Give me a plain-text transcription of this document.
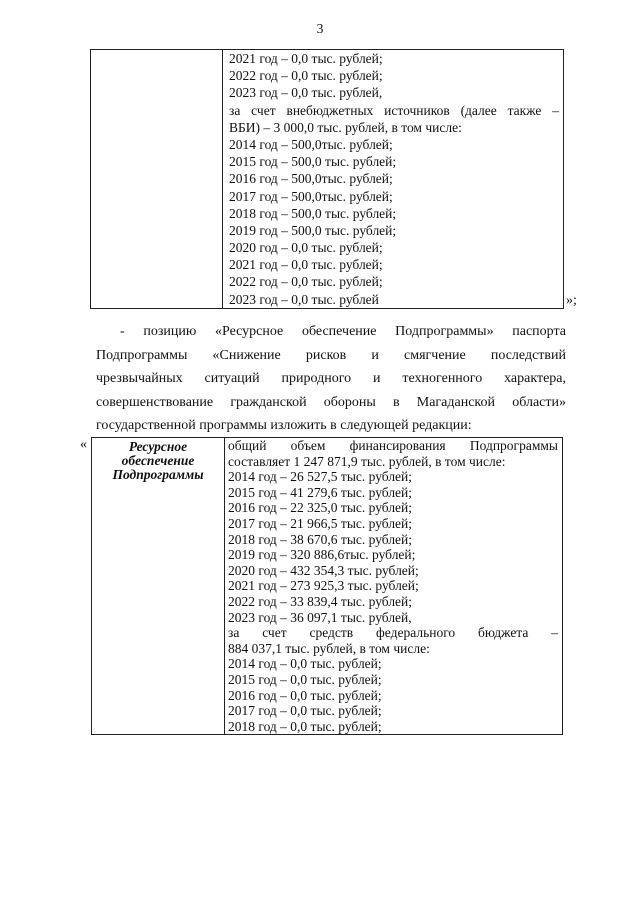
3

2021 год – 0,0 тыс. рублей;
2022 год – 0,0 тыс. рублей;
2023 год – 0,0 тыс. рублей,
за счет внебюджетных источников (далее также –
ВБИ) – 3 000,0 тыс. рублей, в том числе:
2014 год – 500,0тыс. рублей;
2015 год – 500,0 тыс. рублей;
2016 год – 500,0тыс. рублей;
2017 год – 500,0тыс. рублей;
2018 год – 500,0 тыс. рублей;
2019 год – 500,0 тыс. рублей;
2020 год – 0,0 тыс. рублей;
2021 год – 0,0 тыс. рублей;
2022 год – 0,0 тыс. рублей;
2023 год – 0,0 тыс. рублей	»;
- позицию «Ресурсное обеспечение Подпрограммы» паспорта
Подпрограммы «Снижение рисков и смягчение последствий
чрезвычайных ситуаций природного и техногенного характера,
совершенствование гражданской обороны в Магаданской области»
государственной программы изложить в следующей редакции:
«	Ресурсное
обеспечение
Подпрограммы

общий объем финансирования Подпрограммы
составляет 1 247 871,9 тыс. рублей, в том числе:
2014 год – 26 527,5 тыс. рублей;
2015 год – 41 279,6 тыс. рублей;
2016 год – 22 325,0 тыс. рублей;
2017 год – 21 966,5 тыс. рублей;
2018 год – 38 670,6 тыс. рублей;
2019 год – 320 886,6тыс. рублей;
2020 год – 432 354,3 тыс. рублей;
2021 год – 273 925,3 тыс. рублей;
2022 год – 33 839,4 тыс. рублей;
2023 год – 36 097,1 тыс. рублей,
за счет средств федерального бюджета –
884 037,1 тыс. рублей, в том числе:
2014 год – 0,0 тыс. рублей;
2015 год – 0,0 тыс. рублей;
2016 год – 0,0 тыс. рублей;
2017 год – 0,0 тыс. рублей;
2018 год – 0,0 тыс. рублей;
